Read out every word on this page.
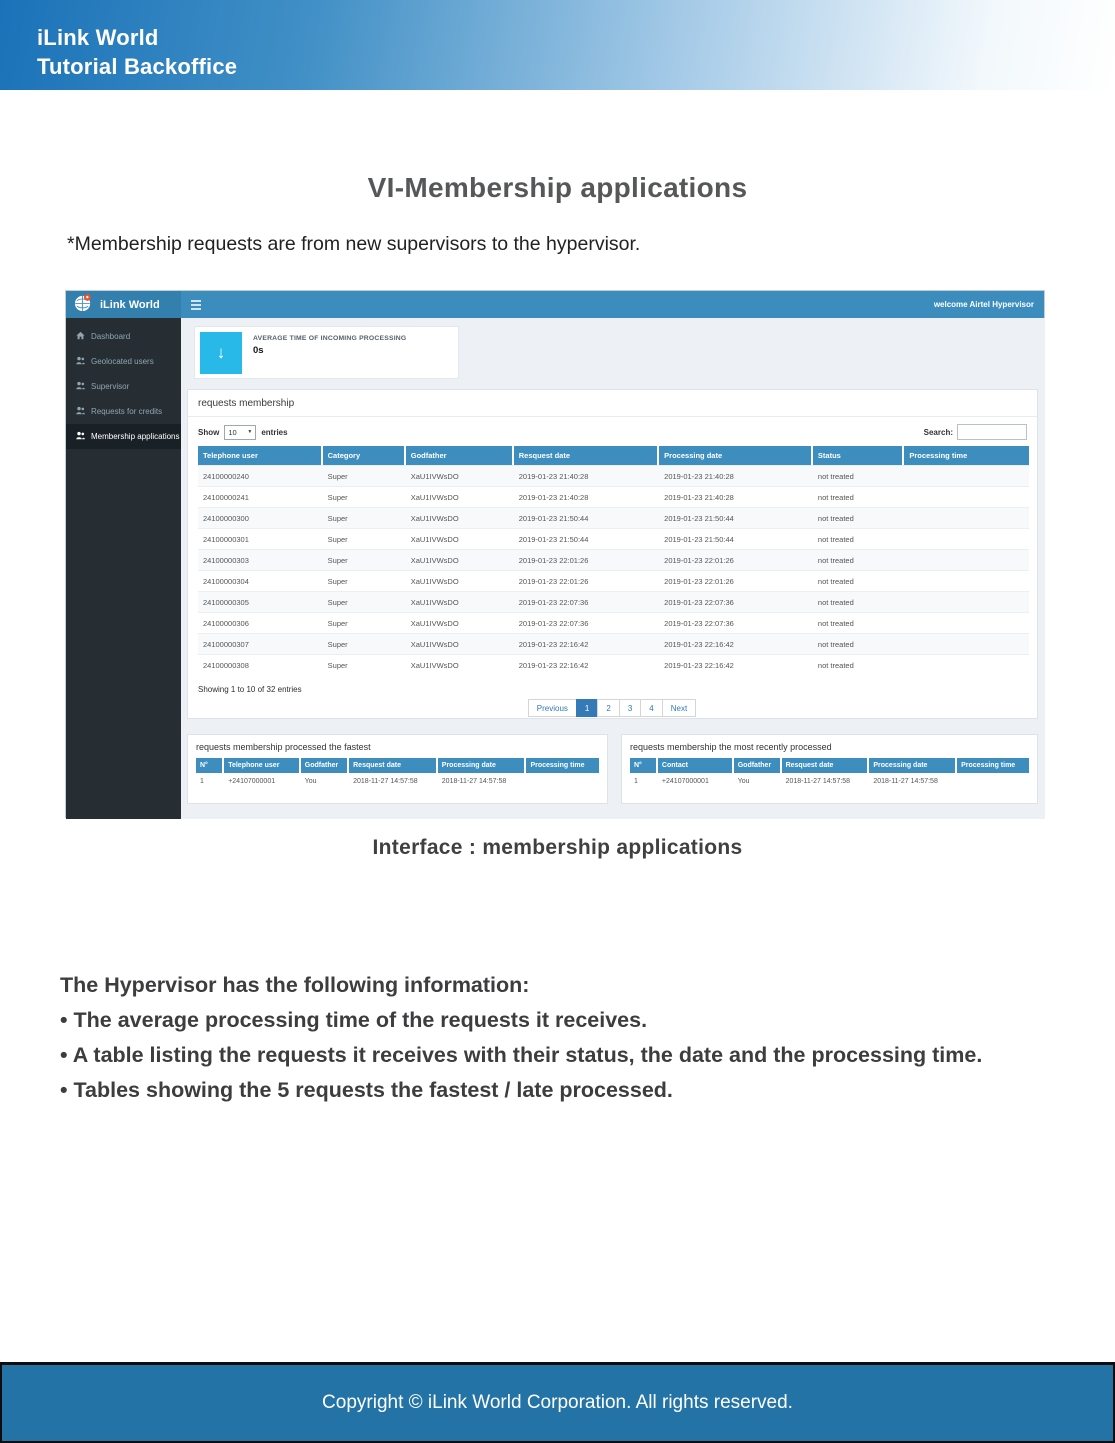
iLink World
Tutorial Backoffice
VI-Membership applications
*Membership requests are from new supervisors to the hypervisor.
iLink World	welcome Airtel Hypervisor
Dashboard
Geolocated users
Supervisor
Requests for credits
Membership applications
↓
AVERAGE TIME OF INCOMING PROCESSING
0s
requests membership
Show 10 ▼ entries	Search:
Telephone user	Category	Godfather	Resquest date	Processing date	Status	Processing time
24100000240	Super	XaU1IVWsDO	2019-01-23 21:40:28	2019-01-23 21:40:28	not treated	
24100000241	Super	XaU1IVWsDO	2019-01-23 21:40:28	2019-01-23 21:40:28	not treated	
24100000300	Super	XaU1IVWsDO	2019-01-23 21:50:44	2019-01-23 21:50:44	not treated	
24100000301	Super	XaU1IVWsDO	2019-01-23 21:50:44	2019-01-23 21:50:44	not treated	
24100000303	Super	XaU1IVWsDO	2019-01-23 22:01:26	2019-01-23 22:01:26	not treated	
24100000304	Super	XaU1IVWsDO	2019-01-23 22:01:26	2019-01-23 22:01:26	not treated	
24100000305	Super	XaU1IVWsDO	2019-01-23 22:07:36	2019-01-23 22:07:36	not treated	
24100000306	Super	XaU1IVWsDO	2019-01-23 22:07:36	2019-01-23 22:07:36	not treated	
24100000307	Super	XaU1IVWsDO	2019-01-23 22:16:42	2019-01-23 22:16:42	not treated	
24100000308	Super	XaU1IVWsDO	2019-01-23 22:16:42	2019-01-23 22:16:42	not treated	
Showing 1 to 10 of 32 entries
Previous	1	2	3	4	Next
requests membership processed the fastest
N°	Telephone user	Godfather	Resquest date	Processing date	Processing time
1	+24107000001	You	2018-11-27 14:57:58	2018-11-27 14:57:58	
requests membership the most recently processed
N°	Contact	Godfather	Resquest date	Processing date	Processing time
1	+24107000001	You	2018-11-27 14:57:58	2018-11-27 14:57:58	
Interface : membership applications
The Hypervisor has the following information:
• The average processing time of the requests it receives.
• A table listing the requests it receives with their status, the date and the processing time.
• Tables showing the 5 requests the fastest / late processed.
Copyright © iLink World Corporation. All rights reserved.
